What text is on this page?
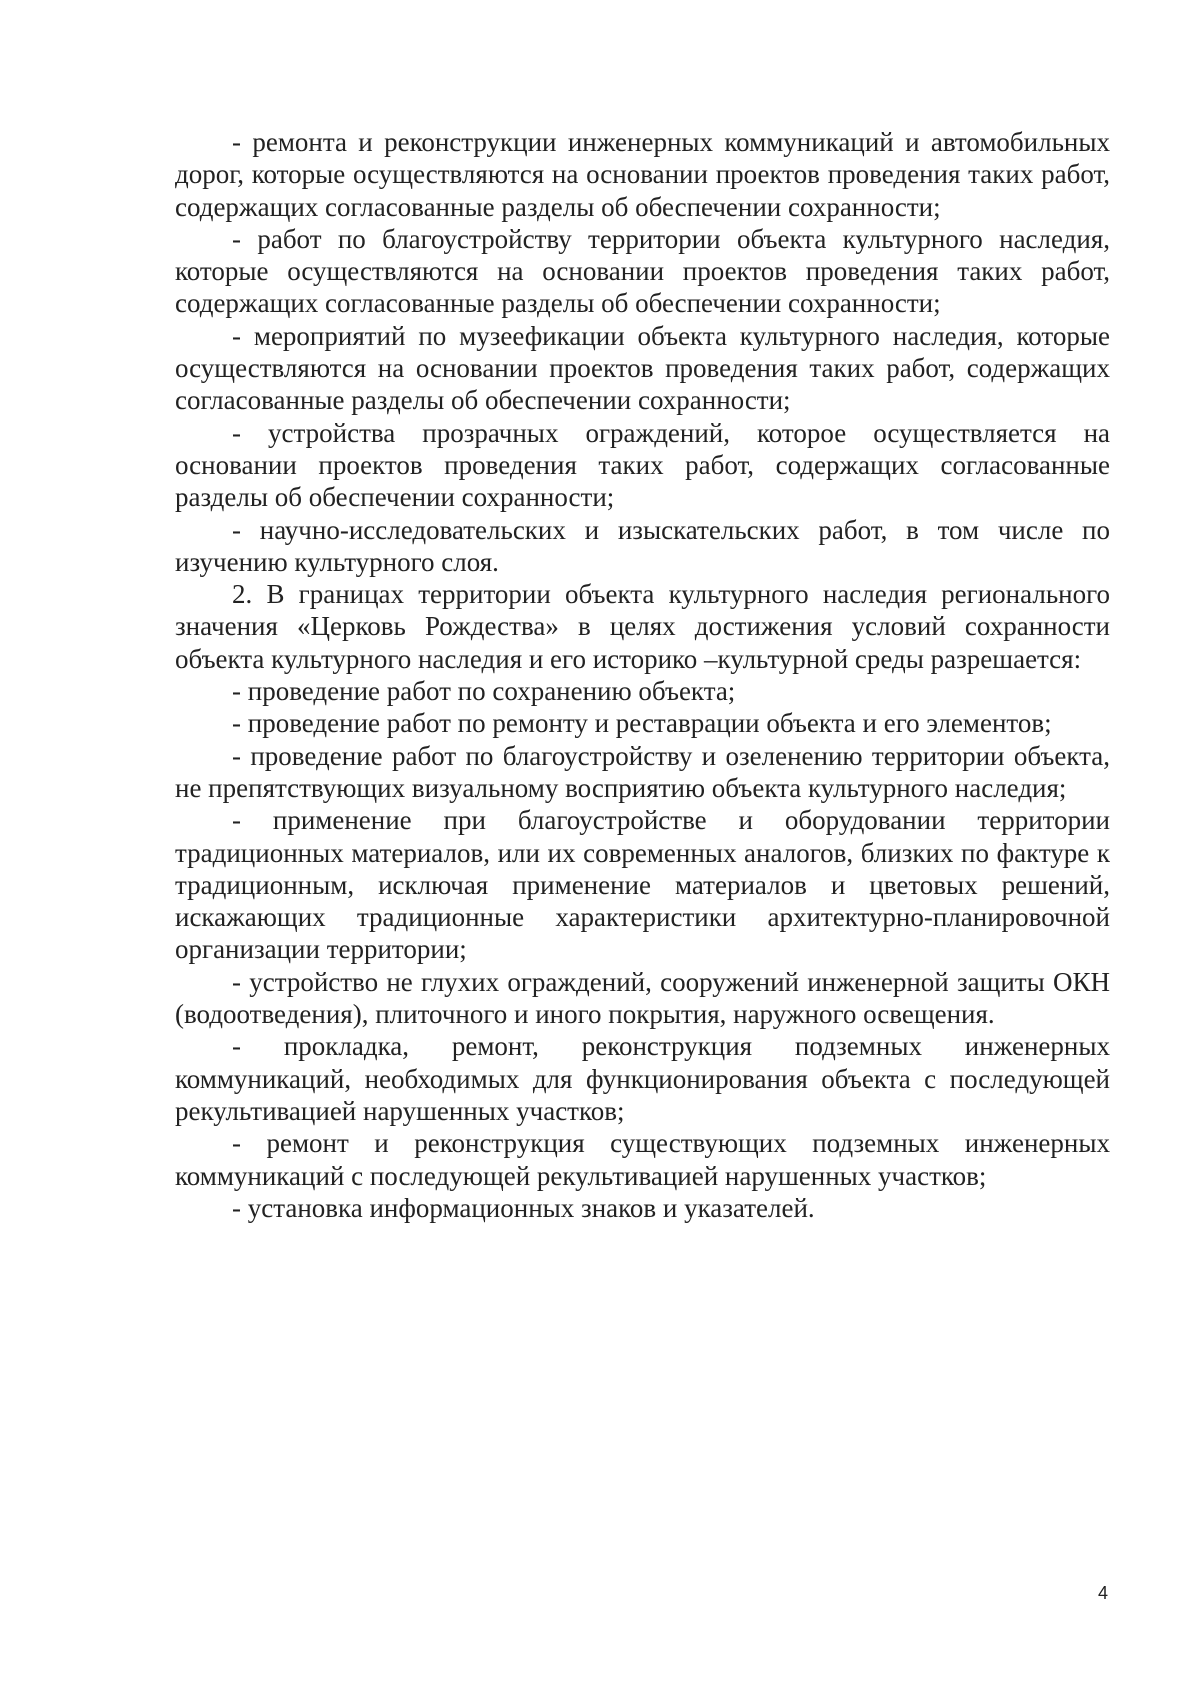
- ремонта и реконструкции инженерных коммуникаций и автомобильных дорог, которые осуществляются на основании проектов проведения таких работ, содержащих согласованные разделы об обеспечении сохранности;

- работ по благоустройству территории объекта культурного наследия, которые осуществляются на основании проектов проведения таких работ, содержащих согласованные разделы об обеспечении сохранности;

- мероприятий по музеефикации объекта культурного наследия, которые осуществляются на основании проектов проведения таких работ, содержащих согласованные разделы об обеспечении сохранности;

- устройства прозрачных ограждений, которое осуществляется на основании проектов проведения таких работ, содержащих согласованные разделы об обеспечении сохранности;

- научно-исследовательских и изыскательских работ, в том числе по изучению культурного слоя.

2. В границах территории объекта культурного наследия регионального значения «Церковь Рождества» в целях достижения условий сохранности объекта культурного наследия и его историко –культурной среды разрешается:

- проведение работ по сохранению объекта;

- проведение работ по ремонту и реставрации объекта и его элементов;

- проведение работ по благоустройству и озеленению территории объекта, не препятствующих визуальному восприятию объекта культурного наследия;

- применение при благоустройстве и оборудовании территории традиционных материалов, или их современных аналогов, близких по фактуре к традиционным, исключая применение материалов и цветовых решений, искажающих традиционные характеристики архитектурно-планировочной организации территории;

- устройство не глухих ограждений, сооружений инженерной защиты ОКН (водоотведения), плиточного и иного покрытия, наружного освещения.

- прокладка, ремонт, реконструкция подземных инженерных коммуникаций, необходимых для функционирования объекта с последующей рекультивацией нарушенных участков;

- ремонт и реконструкция существующих подземных инженерных коммуникаций с последующей рекультивацией нарушенных участков;

- установка информационных знаков и указателей.

4
